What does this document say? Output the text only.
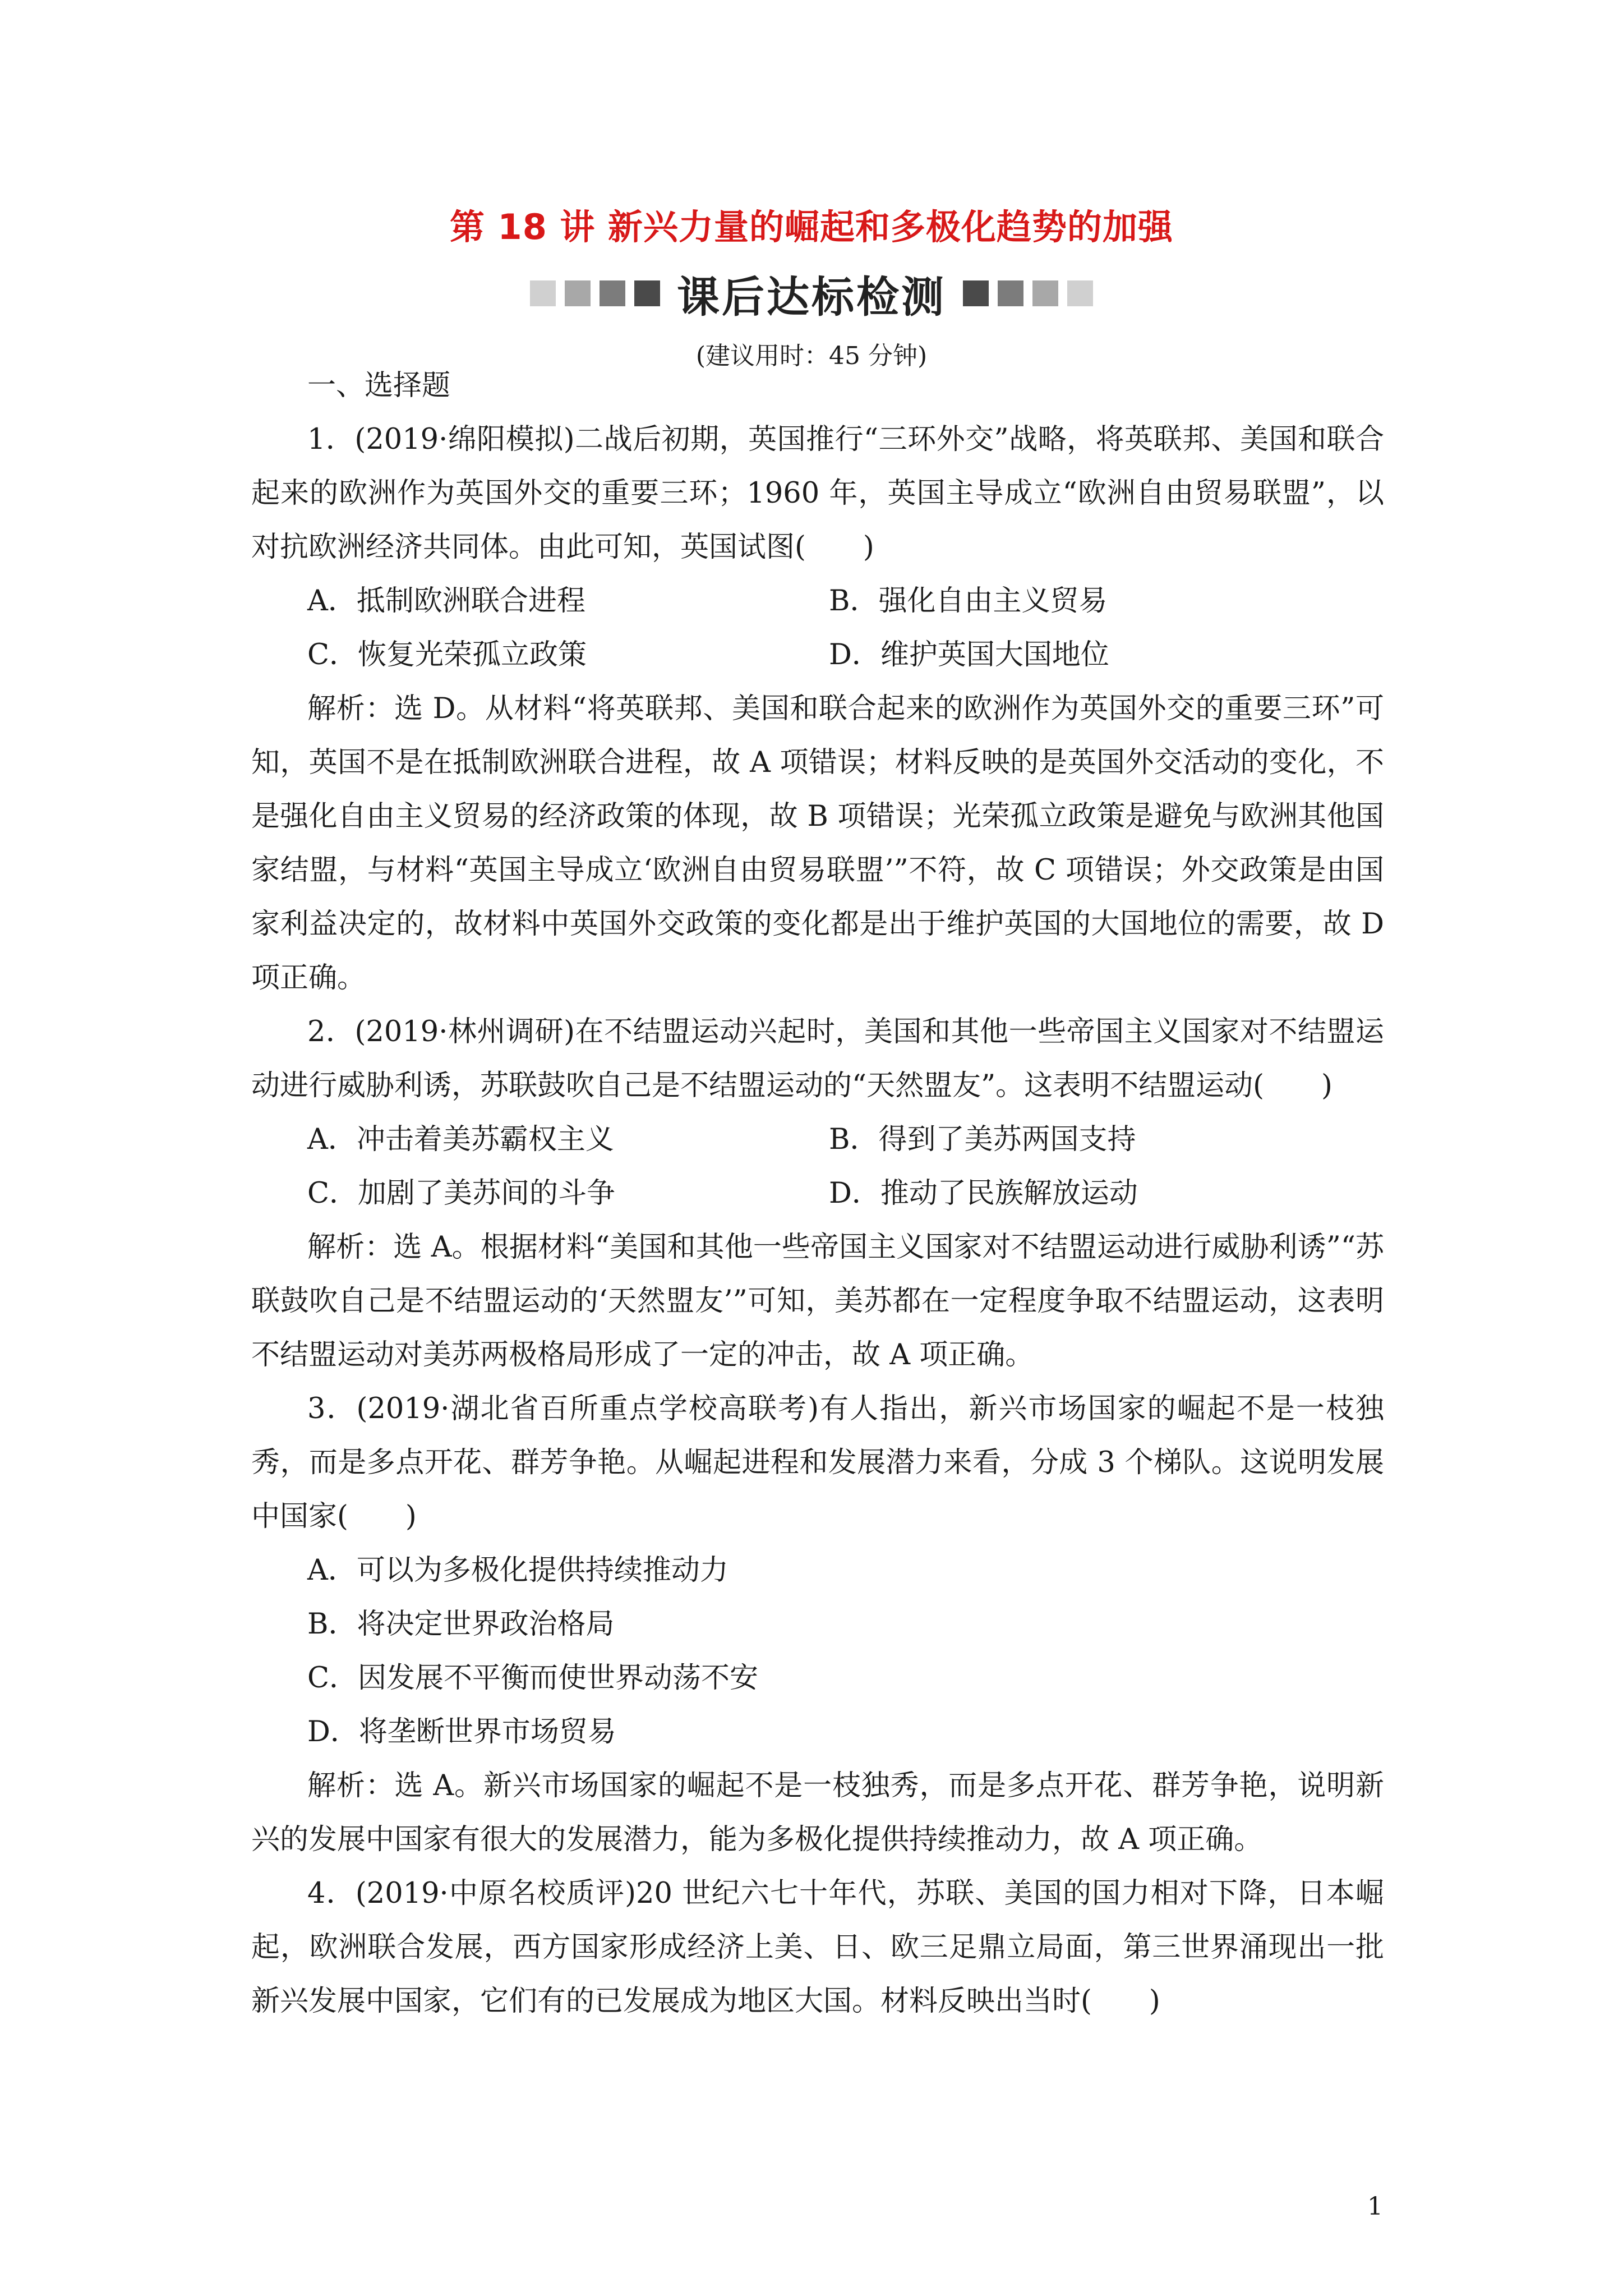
第 18 讲 新兴力量的崛起和多极化趋势的加强
课后达标检测
(建议用时：45 分钟)
一、选择题

1．(2019·绵阳模拟)二战后初期，英国推行“三环外交”战略，将英联邦、美国和联合起来的欧洲作为英国外交的重要三环；1960 年，英国主导成立“欧洲自由贸易联盟”，以对抗欧洲经济共同体。由此可知，英国试图(　　)

A．抵制欧洲联合进程	B．强化自由主义贸易
C．恢复光荣孤立政策	D．维护英国大国地位

解析：选 D。从材料“将英联邦、美国和联合起来的欧洲作为英国外交的重要三环”可知，英国不是在抵制欧洲联合进程，故 A 项错误；材料反映的是英国外交活动的变化，不是强化自由主义贸易的经济政策的体现，故 B 项错误；光荣孤立政策是避免与欧洲其他国家结盟，与材料“英国主导成立‘欧洲自由贸易联盟’”不符，故 C 项错误；外交政策是由国家利益决定的，故材料中英国外交政策的变化都是出于维护英国的大国地位的需要，故 D 项正确。

2．(2019·林州调研)在不结盟运动兴起时，美国和其他一些帝国主义国家对不结盟运动进行威胁利诱，苏联鼓吹自己是不结盟运动的“天然盟友”。这表明不结盟运动(　　)

A．冲击着美苏霸权主义	B．得到了美苏两国支持
C．加剧了美苏间的斗争	D．推动了民族解放运动

解析：选 A。根据材料“美国和其他一些帝国主义国家对不结盟运动进行威胁利诱”“苏联鼓吹自己是不结盟运动的‘天然盟友’”可知，美苏都在一定程度争取不结盟运动，这表明不结盟运动对美苏两极格局形成了一定的冲击，故 A 项正确。

3．(2019·湖北省百所重点学校高联考)有人指出，新兴市场国家的崛起不是一枝独秀，而是多点开花、群芳争艳。从崛起进程和发展潜力来看，分成 3 个梯队。这说明发展中国家(　　)

A．可以为多极化提供持续推动力
B．将决定世界政治格局
C．因发展不平衡而使世界动荡不安
D．将垄断世界市场贸易

解析：选 A。新兴市场国家的崛起不是一枝独秀，而是多点开花、群芳争艳，说明新兴的发展中国家有很大的发展潜力，能为多极化提供持续推动力，故 A 项正确。

4．(2019·中原名校质评)20 世纪六七十年代，苏联、美国的国力相对下降，日本崛起，欧洲联合发展，西方国家形成经济上美、日、欧三足鼎立局面，第三世界涌现出一批新兴发展中国家，它们有的已发展成为地区大国。材料反映出当时(　　)

1
